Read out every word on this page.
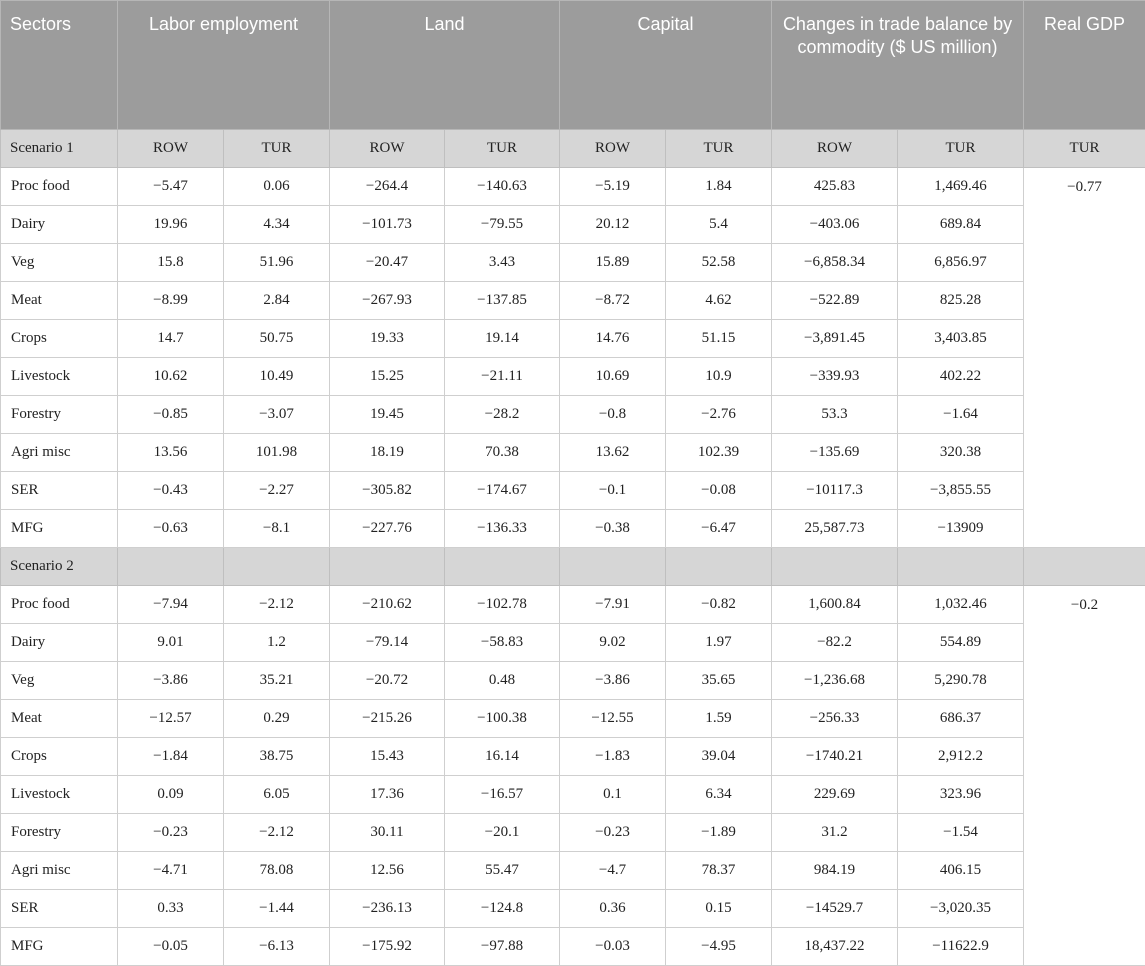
Sectors	Labor employment		Land		Capital		Changes in trade balance by commodity ($ US million)		Real GDP
Scenario 1	ROW	TUR	ROW	TUR	ROW	TUR	ROW	TUR	TUR
Proc food	−5.47	0.06	−264.4	−140.63	−5.19	1.84	425.83	1,469.46	−0.77
Dairy	19.96	4.34	−101.73	−79.55	20.12	5.4	−403.06	689.84	
Veg	15.8	51.96	−20.47	3.43	15.89	52.58	−6,858.34	6,856.97	
Meat	−8.99	2.84	−267.93	−137.85	−8.72	4.62	−522.89	825.28	
Crops	14.7	50.75	19.33	19.14	14.76	51.15	−3,891.45	3,403.85	
Livestock	10.62	10.49	15.25	−21.11	10.69	10.9	−339.93	402.22	
Forestry	−0.85	−3.07	19.45	−28.2	−0.8	−2.76	53.3	−1.64	
Agri misc	13.56	101.98	18.19	70.38	13.62	102.39	−135.69	320.38	
SER	−0.43	−2.27	−305.82	−174.67	−0.1	−0.08	−10117.3	−3,855.55	
MFG	−0.63	−8.1	−227.76	−136.33	−0.38	−6.47	25,587.73	−13909	
Scenario 2									
Proc food	−7.94	−2.12	−210.62	−102.78	−7.91	−0.82	1,600.84	1,032.46	−0.2
Dairy	9.01	1.2	−79.14	−58.83	9.02	1.97	−82.2	554.89	
Veg	−3.86	35.21	−20.72	0.48	−3.86	35.65	−1,236.68	5,290.78	
Meat	−12.57	0.29	−215.26	−100.38	−12.55	1.59	−256.33	686.37	
Crops	−1.84	38.75	15.43	16.14	−1.83	39.04	−1740.21	2,912.2	
Livestock	0.09	6.05	17.36	−16.57	0.1	6.34	229.69	323.96	
Forestry	−0.23	−2.12	30.11	−20.1	−0.23	−1.89	31.2	−1.54	
Agri misc	−4.71	78.08	12.56	55.47	−4.7	78.37	984.19	406.15	
SER	0.33	−1.44	−236.13	−124.8	0.36	0.15	−14529.7	−3,020.35	
MFG	−0.05	−6.13	−175.92	−97.88	−0.03	−4.95	18,437.22	−11622.9	
